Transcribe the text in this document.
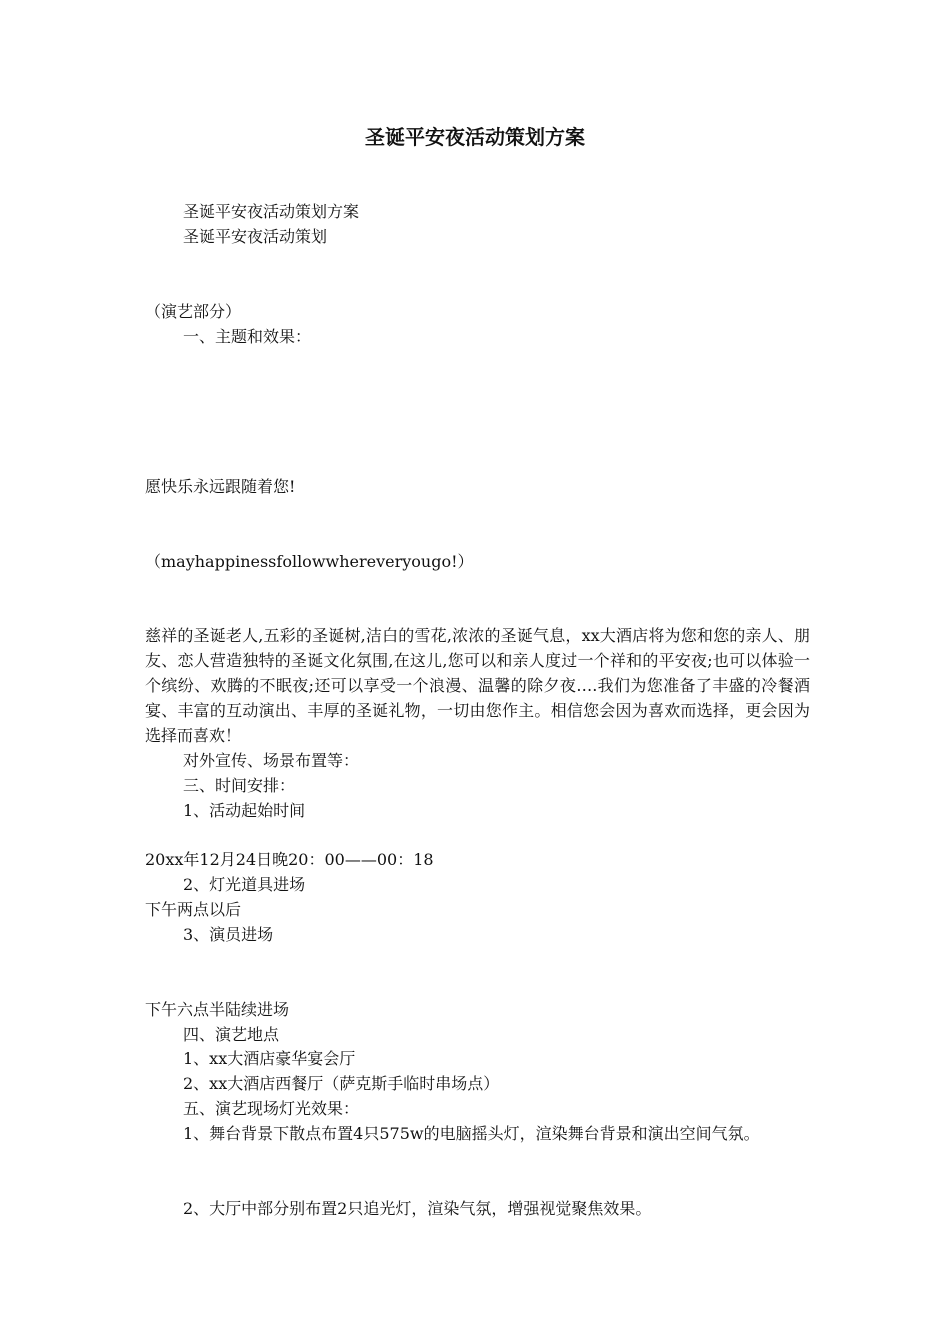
圣诞平安夜活动策划方案
圣诞平安夜活动策划方案
圣诞平安夜活动策划
（演艺部分）
一、主题和效果：
愿快乐永远跟随着您!
（mayhappinessfollowwhereveryougo!）
慈祥的圣诞老人,五彩的圣诞树,洁白的雪花,浓浓的圣诞气息，xx大酒店将为您和您的亲人、朋友、恋人营造独特的圣诞文化氛围,在这儿,您可以和亲人度过一个祥和的平安夜;也可以体验一个缤纷、欢腾的不眠夜;还可以享受一个浪漫、温馨的除夕夜….我们为您准备了丰盛的冷餐酒宴、丰富的互动演出、丰厚的圣诞礼物，一切由您作主。相信您会因为喜欢而选择，更会因为选择而喜欢！
对外宣传、场景布置等：
三、时间安排：
1、活动起始时间
20xx年12月24日晚20：00——00：18
2、灯光道具进场
下午两点以后
3、演员进场
下午六点半陆续进场
四、演艺地点
1、xx大酒店豪华宴会厅
2、xx大酒店西餐厅（萨克斯手临时串场点）
五、演艺现场灯光效果：
1、舞台背景下散点布置4只575w的电脑摇头灯，渲染舞台背景和演出空间气氛。
2、大厅中部分别布置2只追光灯，渲染气氛，增强视觉聚焦效果。
